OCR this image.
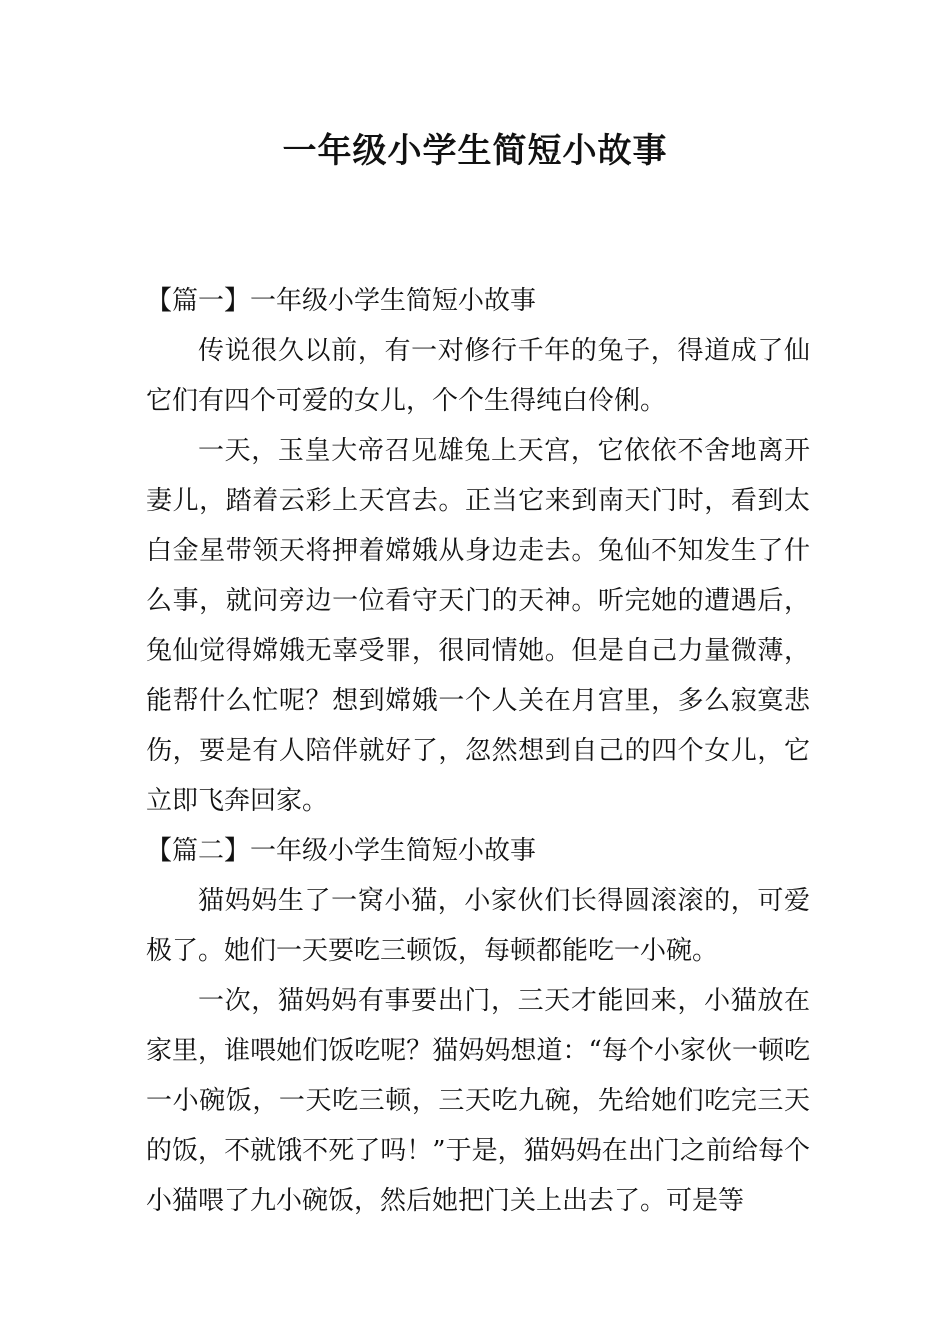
一年级小学生简短小故事
【篇一】一年级小学生简短小故事

传说很久以前，有一对修行千年的兔子，得道成了仙它们有四个可爱的女儿，个个生得纯白伶俐。

一天，玉皇大帝召见雄兔上天宫，它依依不舍地离开妻儿，踏着云彩上天宫去。正当它来到南天门时，看到太白金星带领天将押着嫦娥从身边走去。兔仙不知发生了什么事，就问旁边一位看守天门的天神。听完她的遭遇后，兔仙觉得嫦娥无辜受罪，很同情她。但是自己力量微薄，能帮什么忙呢？想到嫦娥一个人关在月宫里，多么寂寞悲伤，要是有人陪伴就好了，忽然想到自己的四个女儿，它立即飞奔回家。

【篇二】一年级小学生简短小故事

猫妈妈生了一窝小猫，小家伙们长得圆滚滚的，可爱极了。她们一天要吃三顿饭，每顿都能吃一小碗。

一次，猫妈妈有事要出门，三天才能回来，小猫放在家里，谁喂她们饭吃呢？猫妈妈想道：“每个小家伙一顿吃一小碗饭，一天吃三顿，三天吃九碗，先给她们吃完三天的饭，不就饿不死了吗！”于是，猫妈妈在出门之前给每个小猫喂了九小碗饭，然后她把门关上出去了。可是等
